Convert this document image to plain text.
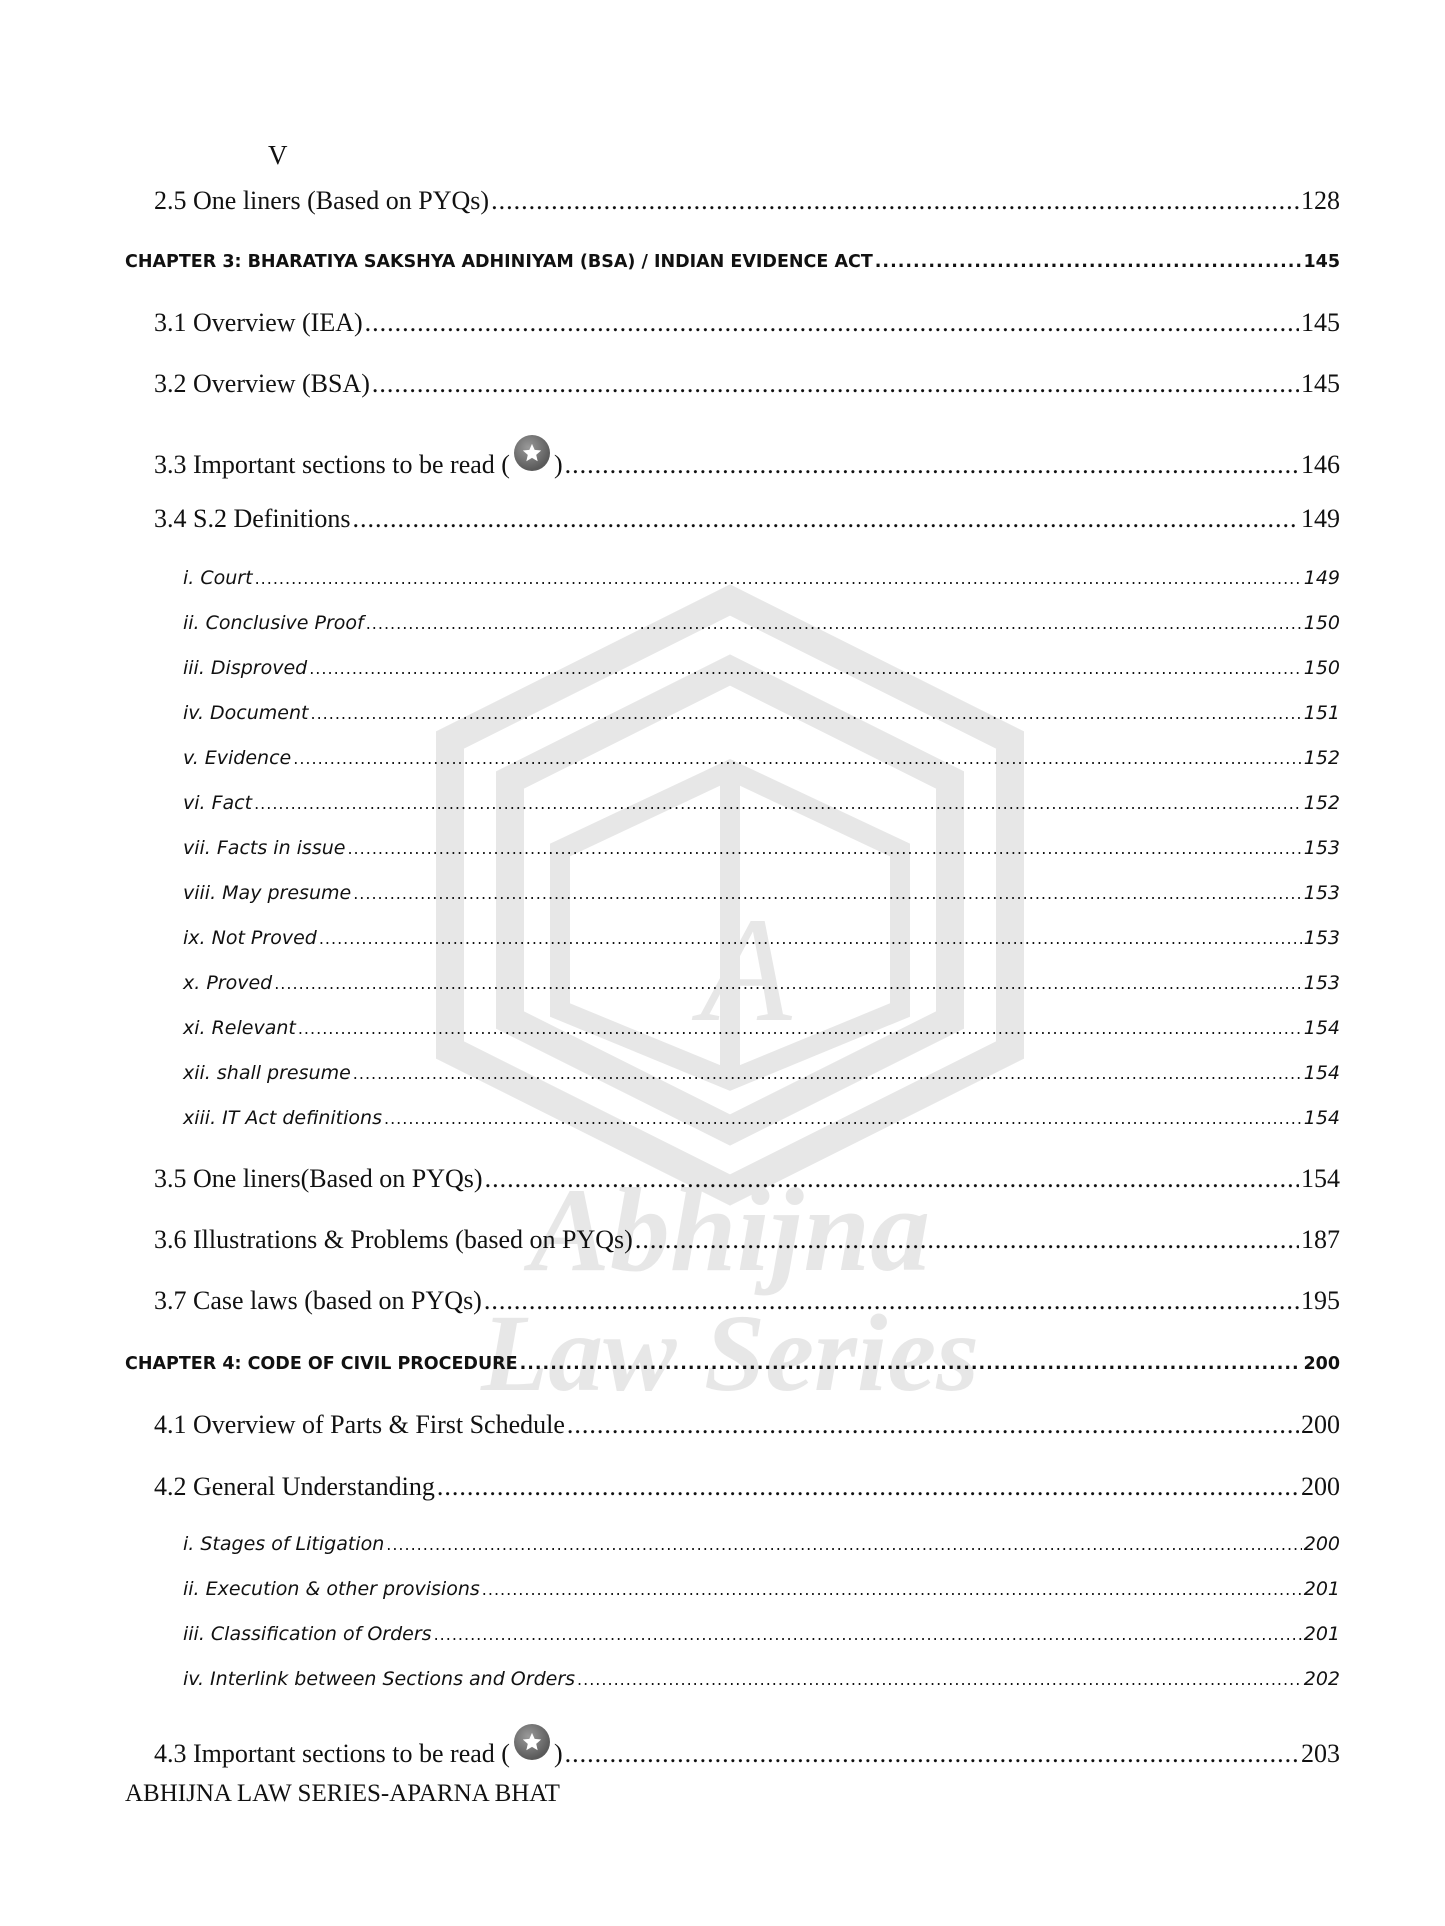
A
Abhijna
Law Series
V
2.5 One liners (Based on PYQs) .....	128
CHAPTER 3: BHARATIYA SAKSHYA ADHINIYAM (BSA) / INDIAN EVIDENCE ACT .....	145
3.1 Overview (IEA) .....	145
3.2 Overview (BSA) .....	145
3.3 Important sections to be read ( ) .....	146
3.4 S.2 Definitions .....	149
i. Court .....	149
ii. Conclusive Proof .....	150
iii. Disproved .....	150
iv. Document .....	151
v. Evidence .....	152
vi. Fact .....	152
vii. Facts in issue .....	153
viii. May presume .....	153
ix. Not Proved .....	153
x. Proved .....	153
xi. Relevant .....	154
xii. shall presume .....	154
xiii. IT Act definitions .....	154
3.5 One liners(Based on PYQs) .....	154
3.6 Illustrations & Problems (based on PYQs) .....	187
3.7 Case laws (based on PYQs) .....	195
CHAPTER 4: CODE OF CIVIL PROCEDURE .....	200
4.1 Overview of Parts & First Schedule .....	200
4.2 General Understanding .....	200
i. Stages of Litigation .....	200
ii. Execution & other provisions .....	201
iii. Classification of Orders .....	201
iv. Interlink between Sections and Orders .....	202
4.3 Important sections to be read ( ) .....	203
ABHIJNA LAW SERIES-APARNA BHAT
